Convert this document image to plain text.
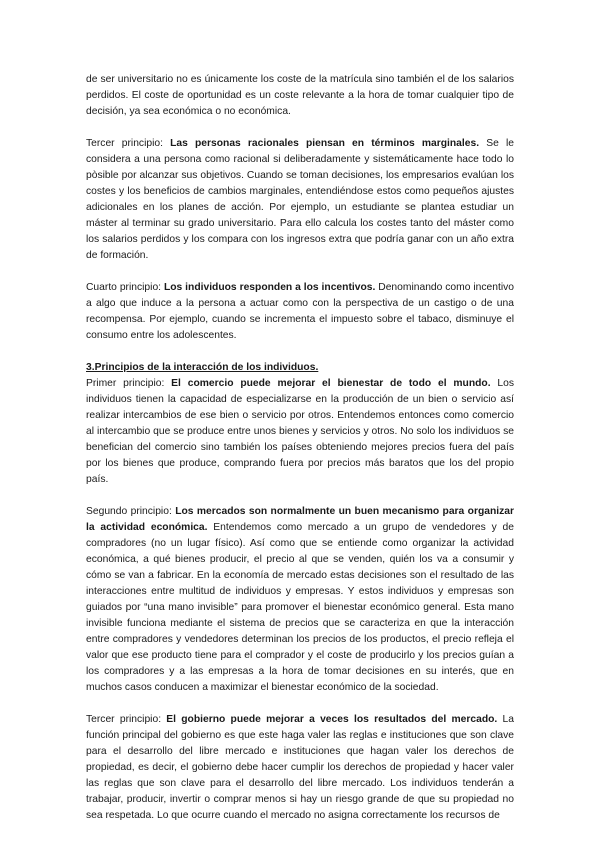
de ser universitario no es únicamente los coste de la matrícula sino también el de los salarios perdidos. El coste de oportunidad es un coste relevante a la hora de tomar cualquier tipo de decisión, ya sea económica o no económica.

Tercer principio: Las personas racionales piensan en términos marginales. Se le considera a una persona como racional si deliberadamente y sistemáticamente hace todo lo pòsible por alcanzar sus objetivos. Cuando se toman decisiones, los empresarios evalúan los costes y los beneficios de cambios marginales, entendiéndose estos como pequeños ajustes adicionales en los planes de acción. Por ejemplo, un estudiante se plantea estudiar un máster al terminar su grado universitario. Para ello calcula los costes tanto del máster como los salarios perdidos y los compara con los ingresos extra que podría ganar con un año extra de formación.

Cuarto principio: Los individuos responden a los incentivos. Denominando como incentivo a algo que induce a la persona a actuar como con la perspectiva de un castigo o de una recompensa. Por ejemplo, cuando se incrementa el impuesto sobre el tabaco, disminuye el consumo entre los adolescentes.

3.Principios de la interacción de los individuos.

Primer principio: El comercio puede mejorar el bienestar de todo el mundo. Los individuos tienen la capacidad de especializarse en la producción de un bien o servicio así realizar intercambios de ese bien o servicio por otros. Entendemos entonces como comercio al intercambio que se produce entre unos bienes y servicios y otros. No solo los individuos se benefician del comercio sino también los países obteniendo mejores precios fuera del país por los bienes que produce, comprando fuera por precios más baratos que los del propio país.

Segundo principio: Los mercados son normalmente un buen mecanismo para organizar la actividad económica. Entendemos como mercado a un grupo de vendedores y de compradores (no un lugar físico). Así como que se entiende como organizar la actividad económica, a qué bienes producir, el precio al que se venden, quién los va a consumir y cómo se van a fabricar. En la economía de mercado estas decisiones son el resultado de las interacciones entre multitud de individuos y empresas. Y estos individuos y empresas son guiados por “una mano invisible” para promover el bienestar económico general. Esta mano invisible funciona mediante el sistema de precios que se caracteriza en que la interacción entre compradores y vendedores determinan los precios de los productos, el precio refleja el valor que ese producto tiene para el comprador y el coste de producirlo y los precios guían a los compradores y a las empresas a la hora de tomar decisiones en su interés, que en muchos casos conducen a maximizar el bienestar económico de la sociedad.

Tercer principio: El gobierno puede mejorar a veces los resultados del mercado. La función principal del gobierno es que este haga valer las reglas e instituciones que son clave para el desarrollo del libre mercado e instituciones que hagan valer los derechos de propiedad, es decir, el gobierno debe hacer cumplir los derechos de propiedad y hacer valer las reglas que son clave para el desarrollo del libre mercado. Los individuos tenderán a trabajar, producir, invertir o comprar menos si hay un riesgo grande de que su propiedad no sea respetada. Lo que ocurre cuando el mercado no asigna correctamente los recursos de
